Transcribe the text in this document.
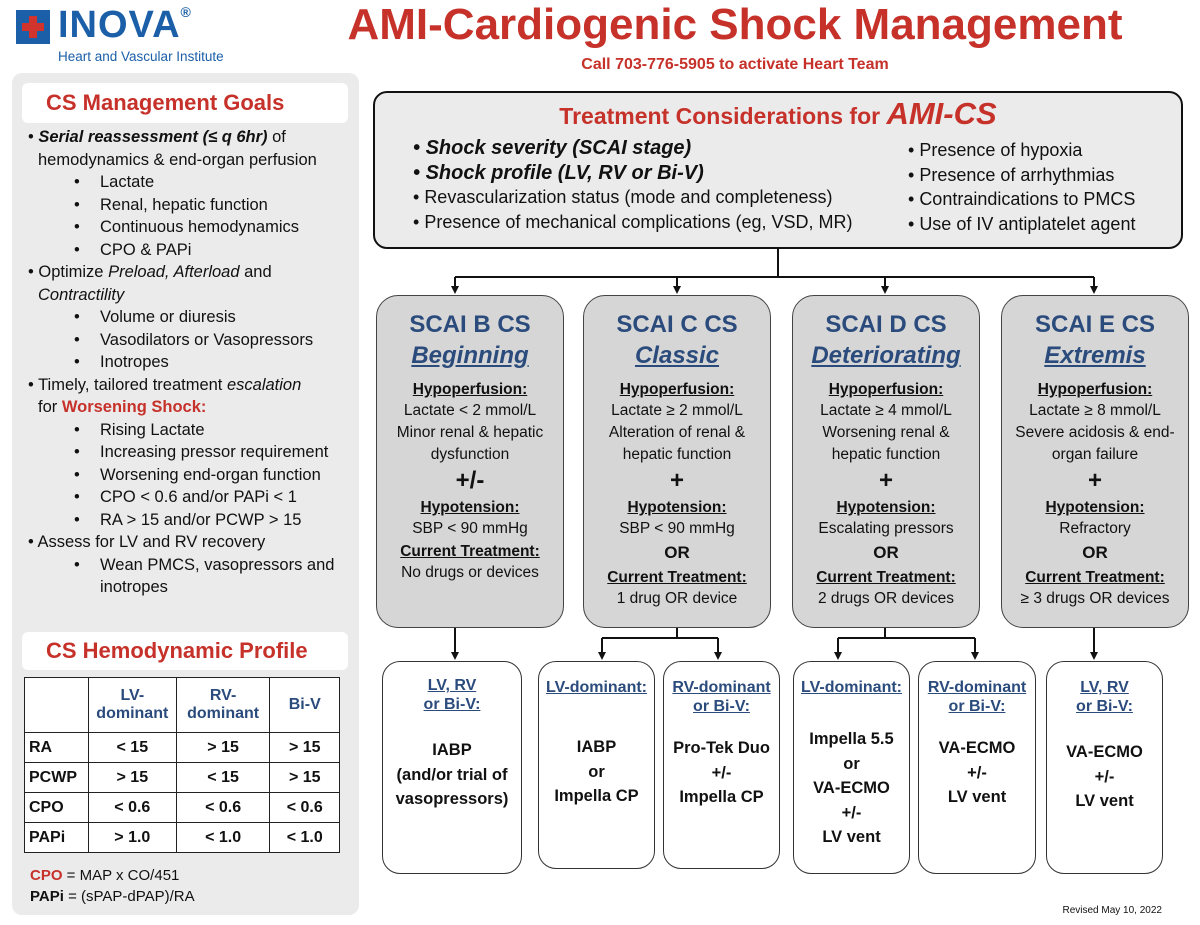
INOVA®
Heart and Vascular Institute
AMI-Cardiogenic Shock Management
Call 703-776-5905 to activate Heart Team
CS Management Goals
• Serial reassessment (≤ q 6hr) of
hemodynamics & end-organ perfusion
• Lactate
• Renal, hepatic function
• Continuous hemodynamics
• CPO & PAPi
• Optimize Preload, Afterload and
Contractility
• Volume or diuresis
• Vasodilators or Vasopressors
• Inotropes
• Timely, tailored treatment escalation
for Worsening Shock:
• Rising Lactate
• Increasing pressor requirement
• Worsening end-organ function
• CPO < 0.6 and/or PAPi < 1
• RA > 15 and/or PCWP > 15
• Assess for LV and RV recovery
• Wean PMCS, vasopressors and
inotropes
CS Hemodynamic Profile
	LV-dominant	RV-dominant	Bi-V
RA	< 15	> 15	> 15
PCWP	> 15	< 15	> 15
CPO	< 0.6	< 0.6	< 0.6
PAPi	> 1.0	< 1.0	< 1.0
CPO = MAP x CO/451
PAPi = (sPAP-dPAP)/RA
Treatment Considerations for AMI-CS
• Shock severity (SCAI stage)
• Shock profile (LV, RV or Bi-V)
• Revascularization status (mode and completeness)
• Presence of mechanical complications (eg, VSD, MR)
• Presence of hypoxia
• Presence of arrhythmias
• Contraindications to PMCS
• Use of IV antiplatelet agent
SCAI B CS
Beginning
Hypoperfusion:
Lactate < 2 mmol/L
Minor renal & hepatic
dysfunction
+/-
Hypotension:
SBP < 90 mmHg
Current Treatment:
No drugs or devices
SCAI C CS
Classic
Hypoperfusion:
Lactate ≥ 2 mmol/L
Alteration of renal &
hepatic function
+
Hypotension:
SBP < 90 mmHg
OR
Current Treatment:
1 drug OR device
SCAI D CS
Deteriorating
Hypoperfusion:
Lactate ≥ 4 mmol/L
Worsening renal &
hepatic function
+
Hypotension:
Escalating pressors
OR
Current Treatment:
2 drugs OR devices
SCAI E CS
Extremis
Hypoperfusion:
Lactate ≥ 8 mmol/L
Severe acidosis & end-
organ failure
+
Hypotension:
Refractory
OR
Current Treatment:
≥ 3 drugs OR devices
LV, RV
or Bi-V:
IABP
(and/or trial of
vasopressors)
LV-dominant:
IABP
or
Impella CP
RV-dominant
or Bi-V:
Pro-Tek Duo
+/-
Impella CP
LV-dominant:
Impella 5.5
or
VA-ECMO
+/-
LV vent
RV-dominant
or Bi-V:
VA-ECMO
+/-
LV vent
LV, RV
or Bi-V:
VA-ECMO
+/-
LV vent
Revised May 10, 2022
